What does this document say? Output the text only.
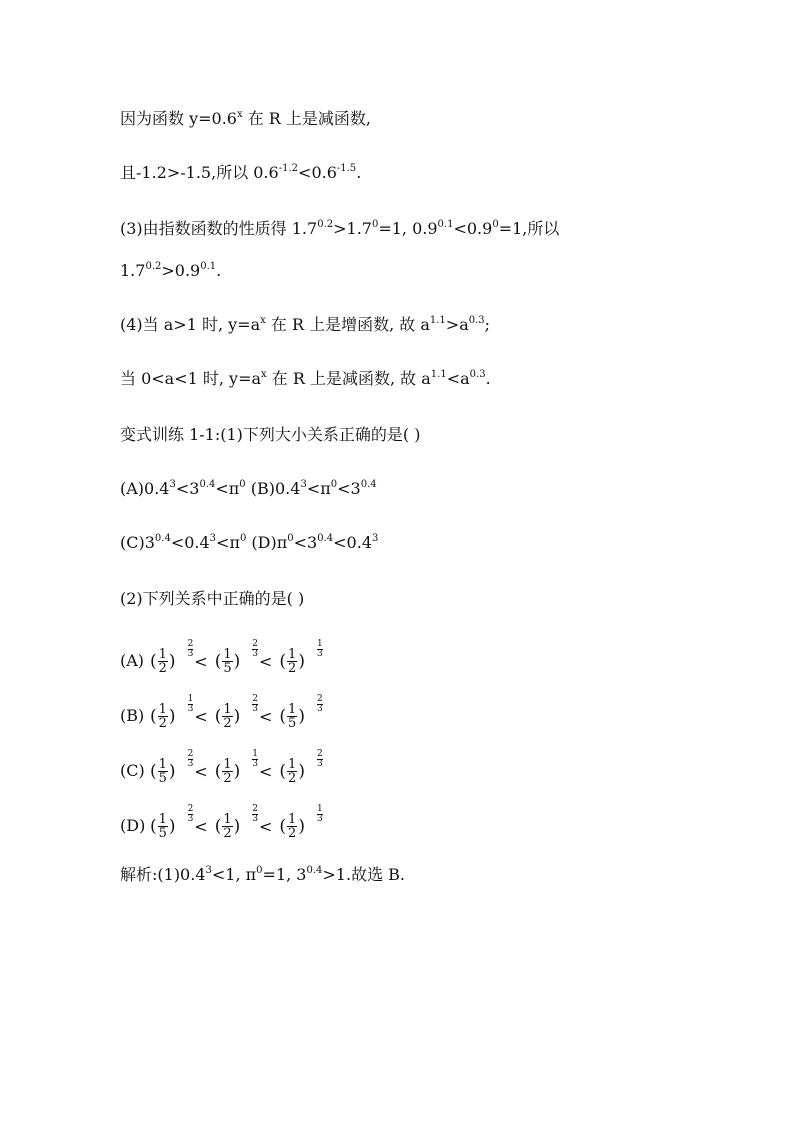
因为函数 $y=0.6^x$ 在 R 上是减函数,
且-1.2>-1.5,所以 $0.6^{-1.2}<0.6^{-1.5}$.
(3)由指数函数的性质得 $1.7^{0.2}>1.7^0=1$, $0.9^{0.1}<0.9^0=1$,所以
$1.7^{0.2}>0.9^{0.1}$.
(4)当 a>1 时, $y=a^x$ 在 R 上是增函数, 故 $a^{1.1}>a^{0.3}$;
当 0<a<1 时, $y=a^x$ 在 R 上是减函数, 故 $a^{1.1}<a^{0.3}$.
变式训练 1-1:(1)下列大小关系正确的是( )
$(A)0.4^3<3^{0.4}<\pi^0$ $(B)0.4^3<\pi^0<3^{0.4}$
$(C)3^{0.4}<0.4^3<\pi^0$ $(D)\pi^0<3^{0.4}<0.4^3$
(2)下列关系中正确的是( )
(A) ( $\frac{1}{2}$ )
$\frac{2}{3}$
< ( $\frac{1}{5}$ )
$\frac{2}{3}$
< ( $\frac{1}{2}$ )
$\frac{1}{3}$
(B) ( $\frac{1}{2}$ )
$\frac{1}{3}$
< ( $\frac{1}{2}$ )
$\frac{2}{3}$
< ( $\frac{1}{5}$ )
$\frac{2}{3}$
(C) ( $\frac{1}{5}$ )
$\frac{2}{3}$
< ( $\frac{1}{2}$ )
$\frac{1}{3}$
< ( $\frac{1}{2}$ )
$\frac{2}{3}$
(D) ( $\frac{1}{5}$ )
$\frac{2}{3}$
< ( $\frac{1}{2}$ )
$\frac{2}{3}$
< ( $\frac{1}{2}$ )
$\frac{1}{3}$
解析$:(1)0.4^3<1$, $\pi^0=1$, $3^{0.4}>1$.故选 B.
